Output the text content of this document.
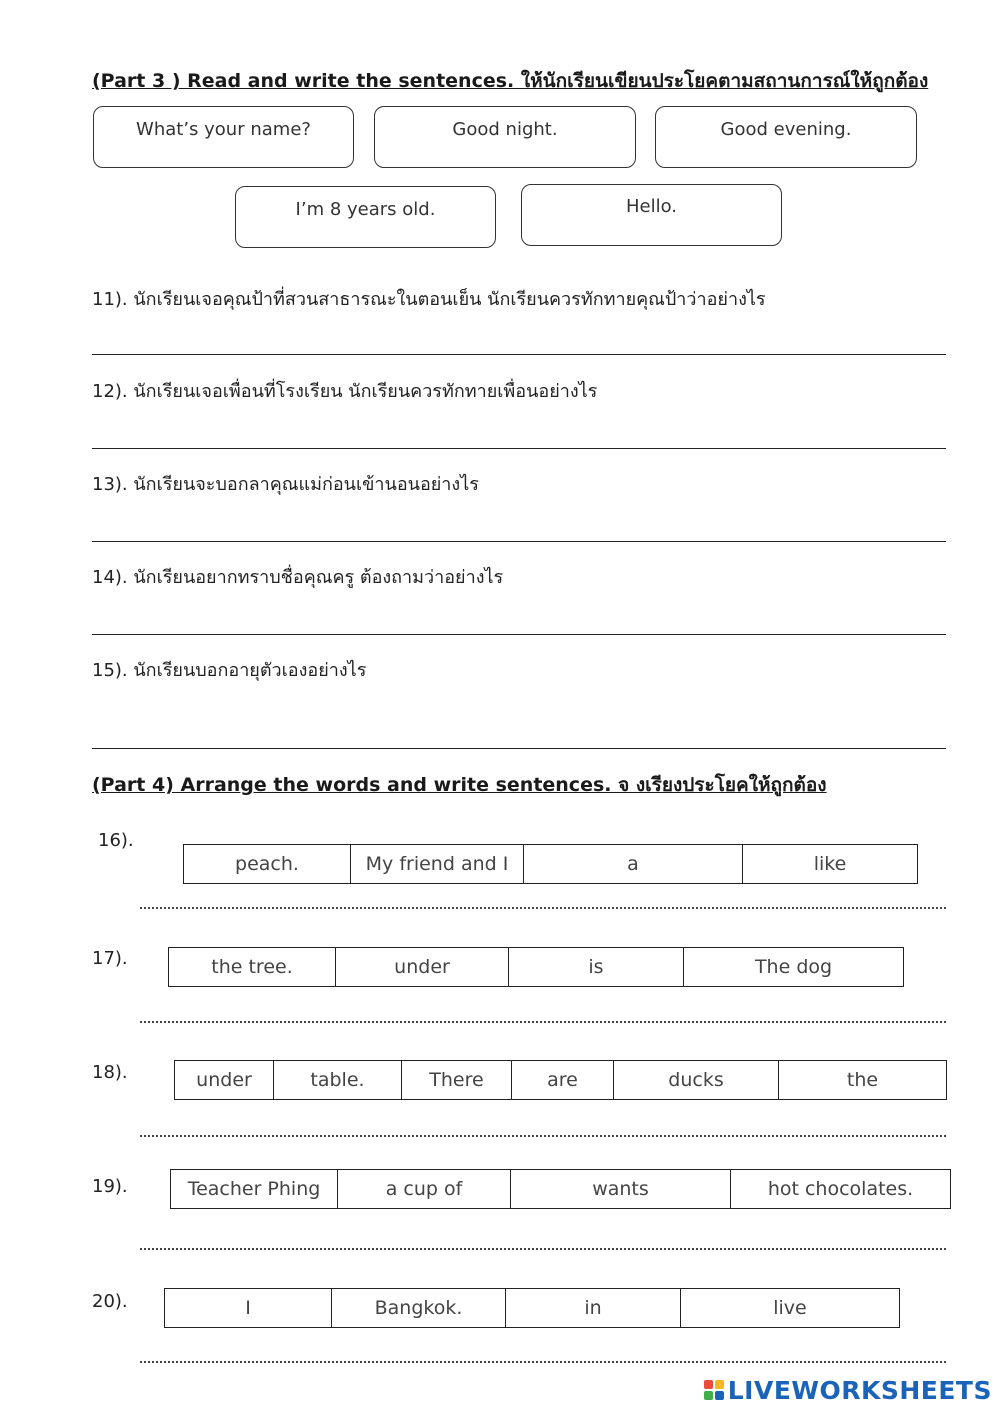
(Part 3 ) Read and write the sentences. ให้นักเรียนเขียนประโยคตามสถานการณ์ให้ถูกต้อง
What’s your name?	Good night.	Good evening.
I’m 8 years old.	Hello.
11). นักเรียนเจอคุณป้าที่สวนสาธารณะในตอนเย็น นักเรียนควรทักทายคุณป้าว่าอย่างไร
12). นักเรียนเจอเพื่อนที่โรงเรียน นักเรียนควรทักทายเพื่อนอย่างไร
13). นักเรียนจะบอกลาคุณแม่ก่อนเข้านอนอย่างไร
14). นักเรียนอยากทราบชื่อคุณครู ต้องถามว่าอย่างไร
15). นักเรียนบอกอายุตัวเองอย่างไร
(Part 4) Arrange the words and write sentences. จ งเรียงประโยคให้ถูกต้อง
16).
peach.	My friend and I	a	like
17).	the tree.	under	is	The dog
18).	under	table.	There	are	ducks	the
19).	Teacher Phing	a cup of	wants	hot chocolates.
20).	I	Bangkok.	in	live
LIVEWORKSHEETS
